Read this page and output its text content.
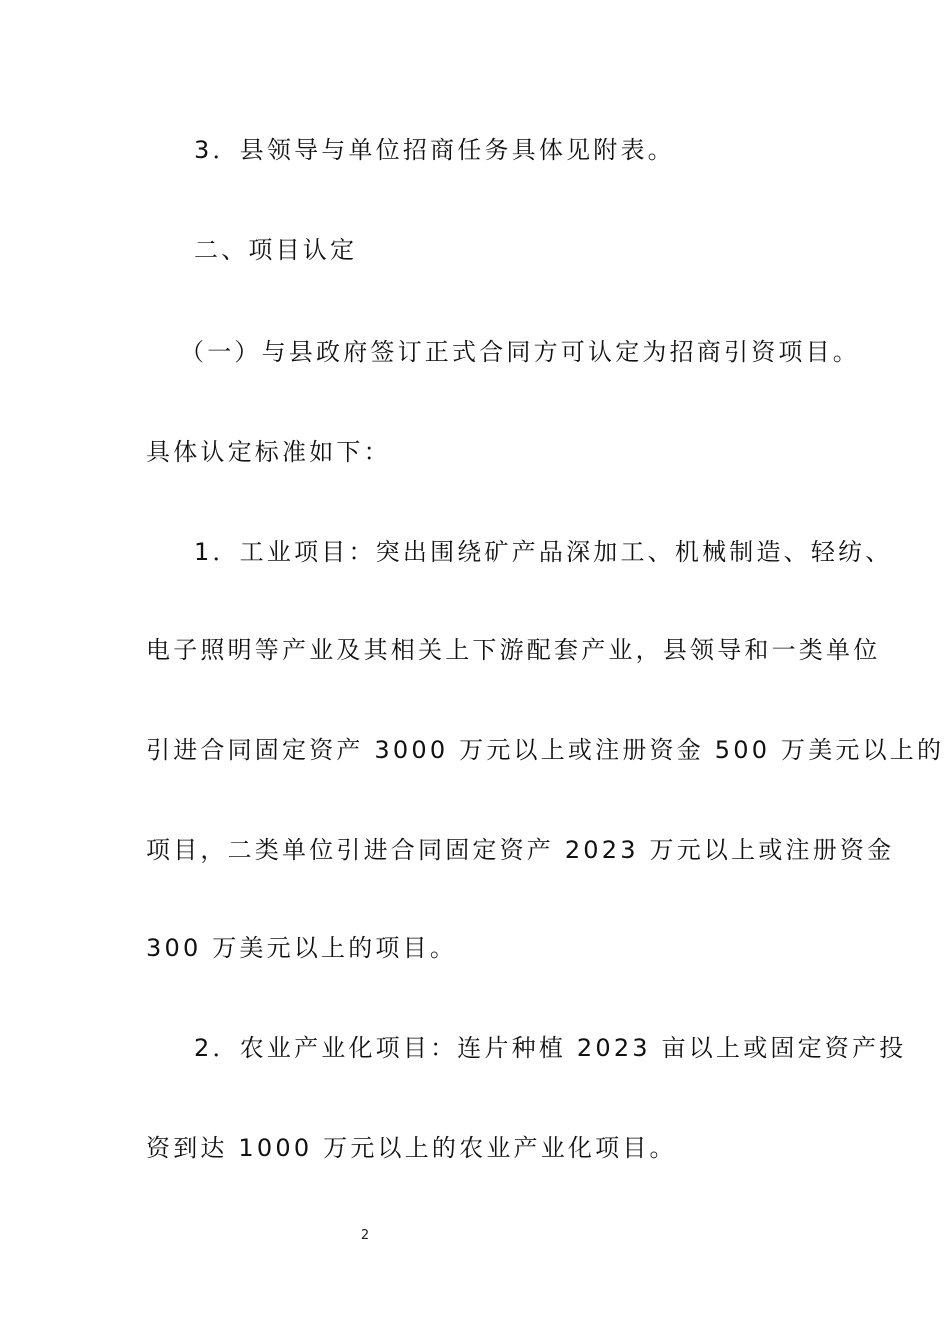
3．县领导与单位招商任务具体见附表。
二、项目认定
（一）与县政府签订正式合同方可认定为招商引资项目。
具体认定标准如下：
1．工业项目：突出围绕矿产品深加工、机械制造、轻纺、
电子照明等产业及其相关上下游配套产业，县领导和一类单位
引进合同固定资产 3000 万元以上或注册资金 500 万美元以上的
项目，二类单位引进合同固定资产 2023 万元以上或注册资金
300 万美元以上的项目。
2．农业产业化项目：连片种植 2023 亩以上或固定资产投
资到达 1000 万元以上的农业产业化项目。
2
